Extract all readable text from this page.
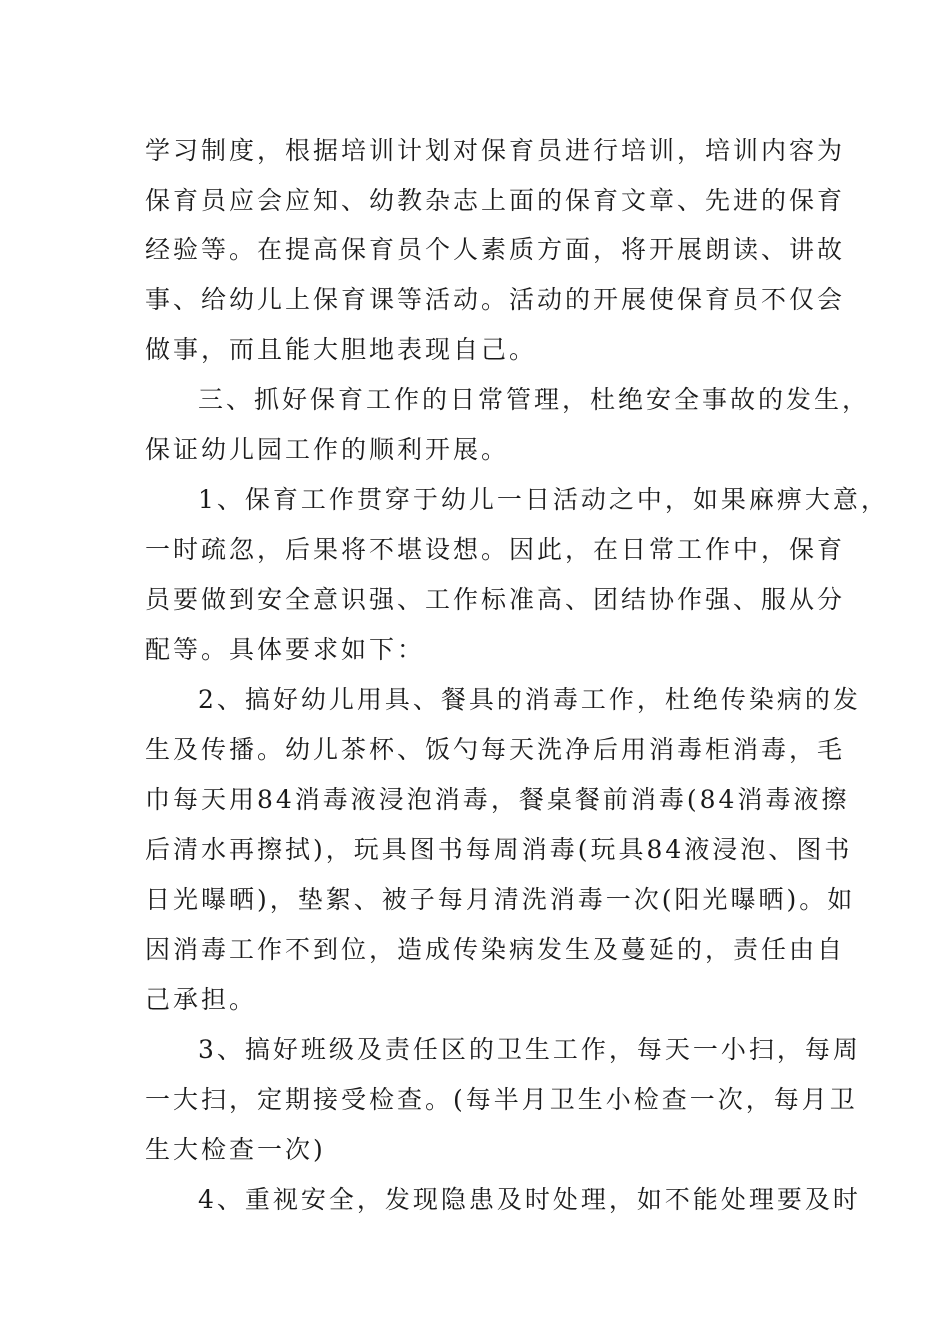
学习制度，根据培训计划对保育员进行培训，培训内容为

保育员应会应知、幼教杂志上面的保育文章、先进的保育

经验等。在提高保育员个人素质方面，将开展朗读、讲故

事、给幼儿上保育课等活动。活动的开展使保育员不仅会

做事，而且能大胆地表现自己。

三、抓好保育工作的日常管理，杜绝安全事故的发生，

保证幼儿园工作的顺利开展。

1、保育工作贯穿于幼儿一日活动之中，如果麻痹大意，

一时疏忽，后果将不堪设想。因此，在日常工作中，保育

员要做到安全意识强、工作标准高、团结协作强、服从分

配等。具体要求如下：

2、搞好幼儿用具、餐具的消毒工作，杜绝传染病的发

生及传播。幼儿茶杯、饭勺每天洗净后用消毒柜消毒，毛

巾每天用84消毒液浸泡消毒，餐桌餐前消毒(84消毒液擦

后清水再擦拭)，玩具图书每周消毒(玩具84液浸泡、图书

日光曝晒)，垫絮、被子每月清洗消毒一次(阳光曝晒)。如

因消毒工作不到位，造成传染病发生及蔓延的，责任由自

己承担。

3、搞好班级及责任区的卫生工作，每天一小扫，每周

一大扫，定期接受检查。(每半月卫生小检查一次，每月卫

生大检查一次)

4、重视安全，发现隐患及时处理，如不能处理要及时
